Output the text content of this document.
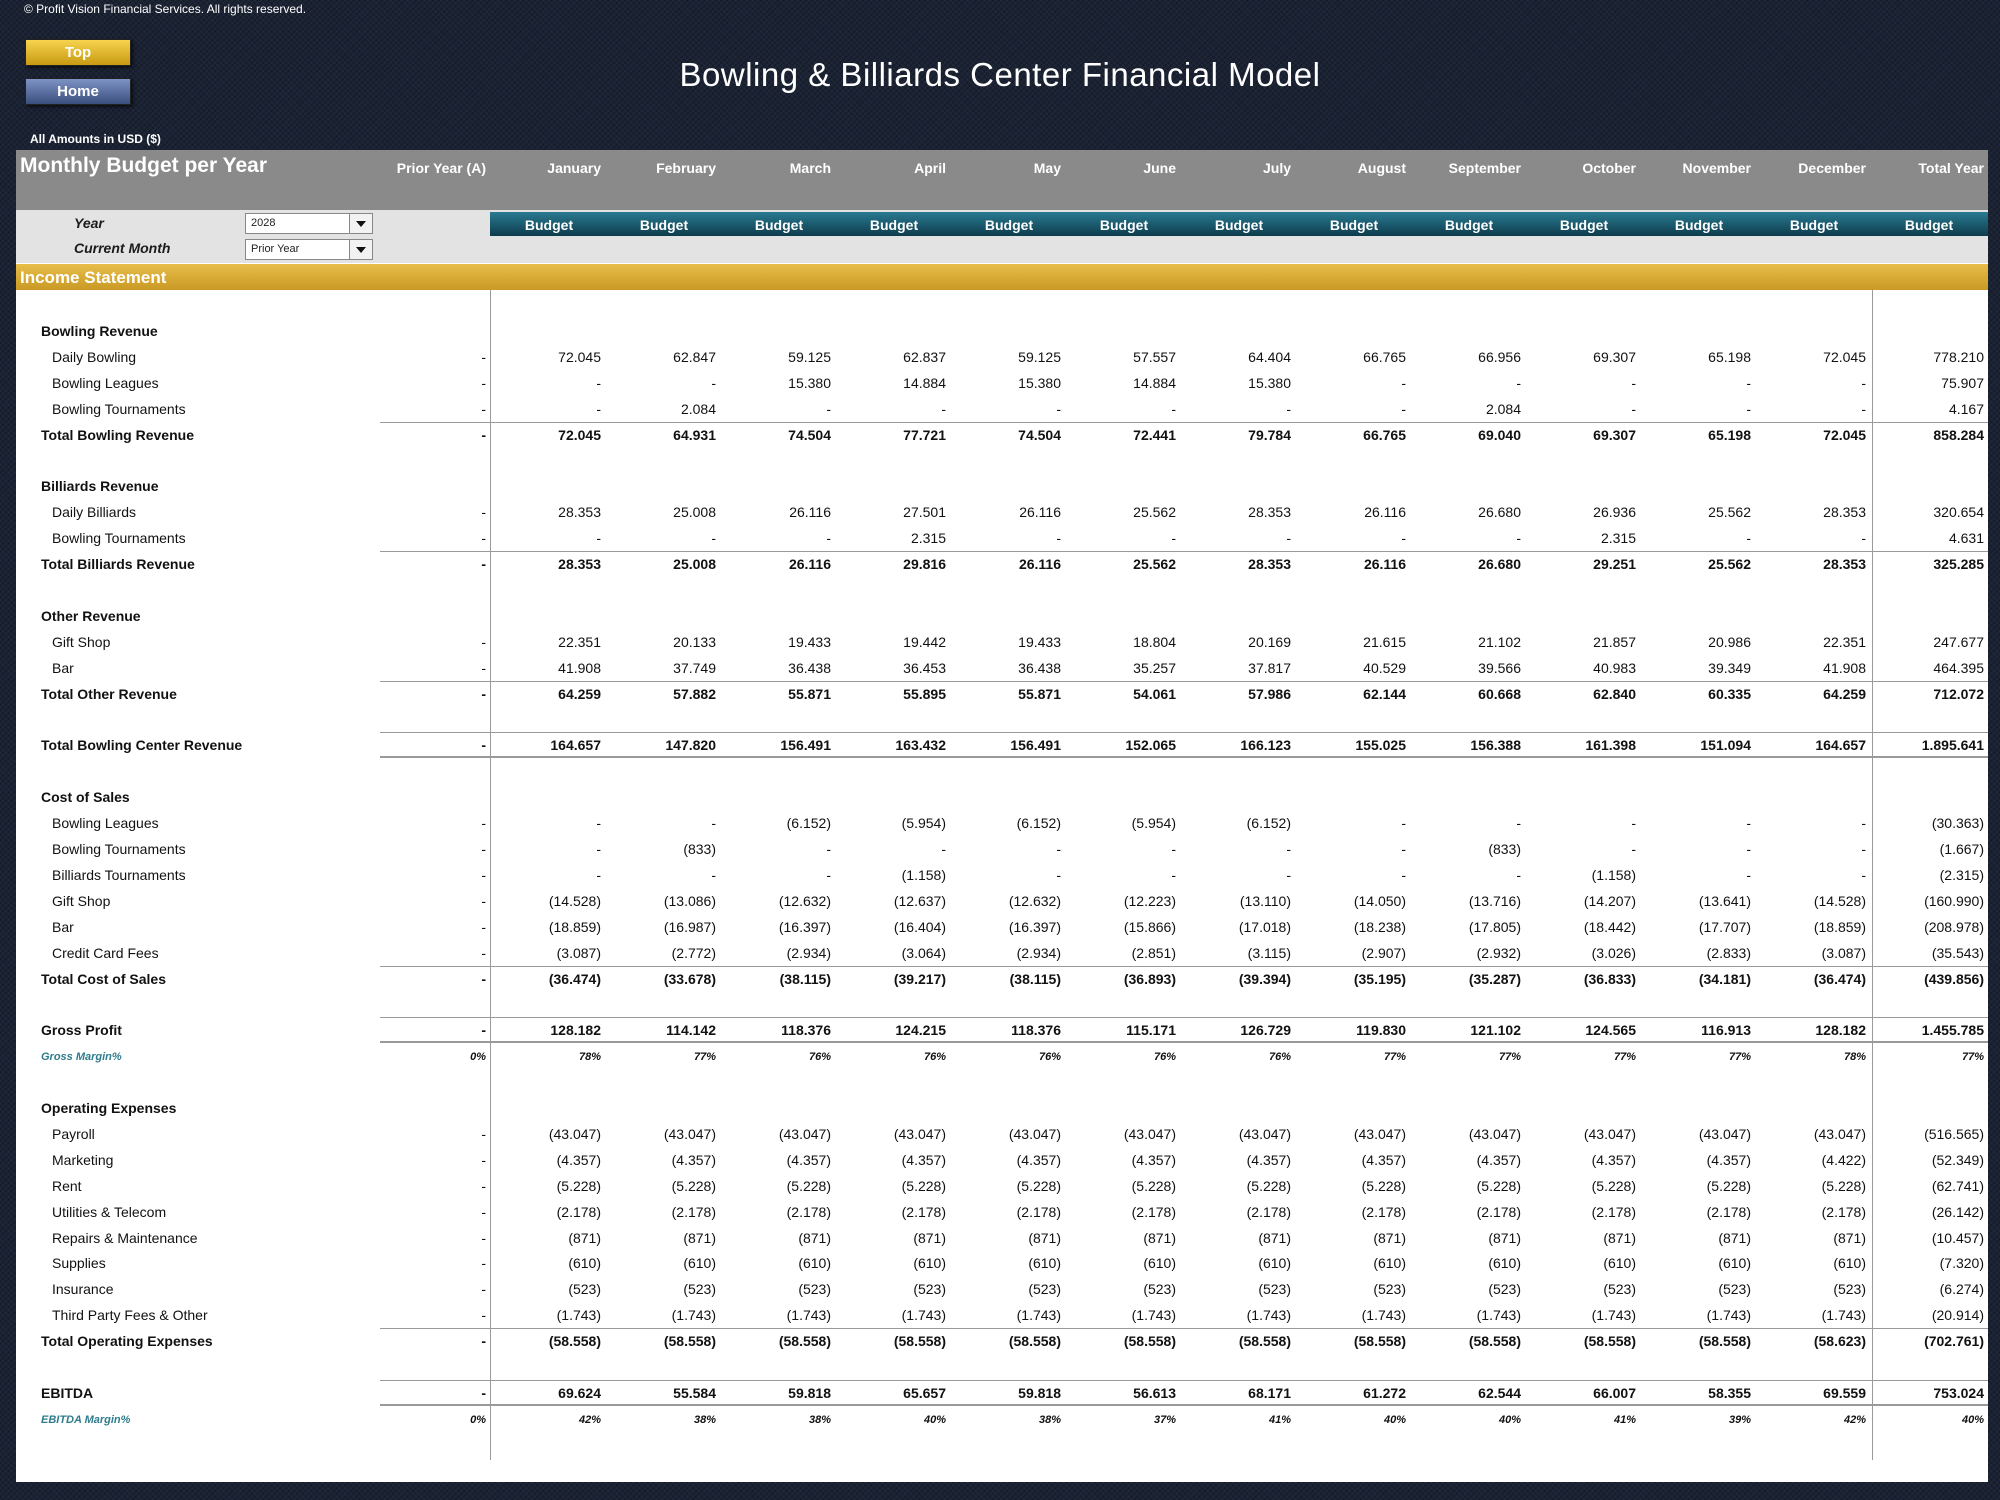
© Profit Vision Financial Services. All rights reserved.
Top
Home	Bowling & Billiards Center Financial Model
All Amounts in USD ($)
Monthly Budget per Year	Prior Year (A)	January	February	March	April	May	June	July	August	September	October	November	December	Total Year
Year	2028
Current Month	Prior Year
Budget	Budget	Budget	Budget	Budget	Budget	Budget	Budget	Budget	Budget	Budget	Budget	Budget
Income Statement
Bowling Revenue
Daily Bowling	-	72.045	62.847	59.125	62.837	59.125	57.557	64.404	66.765	66.956	69.307	65.198	72.045	778.210
Bowling Leagues	-	-	-	15.380	14.884	15.380	14.884	15.380	-	-	-	-	-	75.907
Bowling Tournaments	-	-	2.084	-	-	-	-	-	-	2.084	-	-	-	4.167
Total Bowling Revenue	-	72.045	64.931	74.504	77.721	74.504	72.441	79.784	66.765	69.040	69.307	65.198	72.045	858.284
Billiards Revenue
Daily Billiards	-	28.353	25.008	26.116	27.501	26.116	25.562	28.353	26.116	26.680	26.936	25.562	28.353	320.654
Bowling Tournaments	-	-	-	-	2.315	-	-	-	-	-	2.315	-	-	4.631
Total Billiards Revenue	-	28.353	25.008	26.116	29.816	26.116	25.562	28.353	26.116	26.680	29.251	25.562	28.353	325.285
Other Revenue
Gift Shop	-	22.351	20.133	19.433	19.442	19.433	18.804	20.169	21.615	21.102	21.857	20.986	22.351	247.677
Bar	-	41.908	37.749	36.438	36.453	36.438	35.257	37.817	40.529	39.566	40.983	39.349	41.908	464.395
Total Other Revenue	-	64.259	57.882	55.871	55.895	55.871	54.061	57.986	62.144	60.668	62.840	60.335	64.259	712.072
Total Bowling Center Revenue	-	164.657	147.820	156.491	163.432	156.491	152.065	166.123	155.025	156.388	161.398	151.094	164.657	1.895.641
Cost of Sales
Bowling Leagues	-	-	-	(6.152)	(5.954)	(6.152)	(5.954)	(6.152)	-	-	-	-	-	(30.363)
Bowling Tournaments	-	-	(833)	-	-	-	-	-	-	(833)	-	-	-	(1.667)
Billiards Tournaments	-	-	-	-	(1.158)	-	-	-	-	-	(1.158)	-	-	(2.315)
Gift Shop	-	(14.528)	(13.086)	(12.632)	(12.637)	(12.632)	(12.223)	(13.110)	(14.050)	(13.716)	(14.207)	(13.641)	(14.528)	(160.990)
Bar	-	(18.859)	(16.987)	(16.397)	(16.404)	(16.397)	(15.866)	(17.018)	(18.238)	(17.805)	(18.442)	(17.707)	(18.859)	(208.978)
Credit Card Fees	-	(3.087)	(2.772)	(2.934)	(3.064)	(2.934)	(2.851)	(3.115)	(2.907)	(2.932)	(3.026)	(2.833)	(3.087)	(35.543)
Total Cost of Sales	-	(36.474)	(33.678)	(38.115)	(39.217)	(38.115)	(36.893)	(39.394)	(35.195)	(35.287)	(36.833)	(34.181)	(36.474)	(439.856)
Gross Profit	-	128.182	114.142	118.376	124.215	118.376	115.171	126.729	119.830	121.102	124.565	116.913	128.182	1.455.785
Gross Margin%	0%	78%	77%	76%	76%	76%	76%	76%	77%	77%	77%	77%	78%	77%
Operating Expenses
Payroll	-	(43.047)	(43.047)	(43.047)	(43.047)	(43.047)	(43.047)	(43.047)	(43.047)	(43.047)	(43.047)	(43.047)	(43.047)	(516.565)
Marketing	-	(4.357)	(4.357)	(4.357)	(4.357)	(4.357)	(4.357)	(4.357)	(4.357)	(4.357)	(4.357)	(4.357)	(4.422)	(52.349)
Rent	-	(5.228)	(5.228)	(5.228)	(5.228)	(5.228)	(5.228)	(5.228)	(5.228)	(5.228)	(5.228)	(5.228)	(5.228)	(62.741)
Utilities & Telecom	-	(2.178)	(2.178)	(2.178)	(2.178)	(2.178)	(2.178)	(2.178)	(2.178)	(2.178)	(2.178)	(2.178)	(2.178)	(26.142)
Repairs & Maintenance	-	(871)	(871)	(871)	(871)	(871)	(871)	(871)	(871)	(871)	(871)	(871)	(871)	(10.457)
Supplies	-	(610)	(610)	(610)	(610)	(610)	(610)	(610)	(610)	(610)	(610)	(610)	(610)	(7.320)
Insurance	-	(523)	(523)	(523)	(523)	(523)	(523)	(523)	(523)	(523)	(523)	(523)	(523)	(6.274)
Third Party Fees & Other	-	(1.743)	(1.743)	(1.743)	(1.743)	(1.743)	(1.743)	(1.743)	(1.743)	(1.743)	(1.743)	(1.743)	(1.743)	(20.914)
Total Operating Expenses	-	(58.558)	(58.558)	(58.558)	(58.558)	(58.558)	(58.558)	(58.558)	(58.558)	(58.558)	(58.558)	(58.558)	(58.623)	(702.761)
EBITDA	-	69.624	55.584	59.818	65.657	59.818	56.613	68.171	61.272	62.544	66.007	58.355	69.559	753.024
EBITDA Margin%	0%	42%	38%	38%	40%	38%	37%	41%	40%	40%	41%	39%	42%	40%
